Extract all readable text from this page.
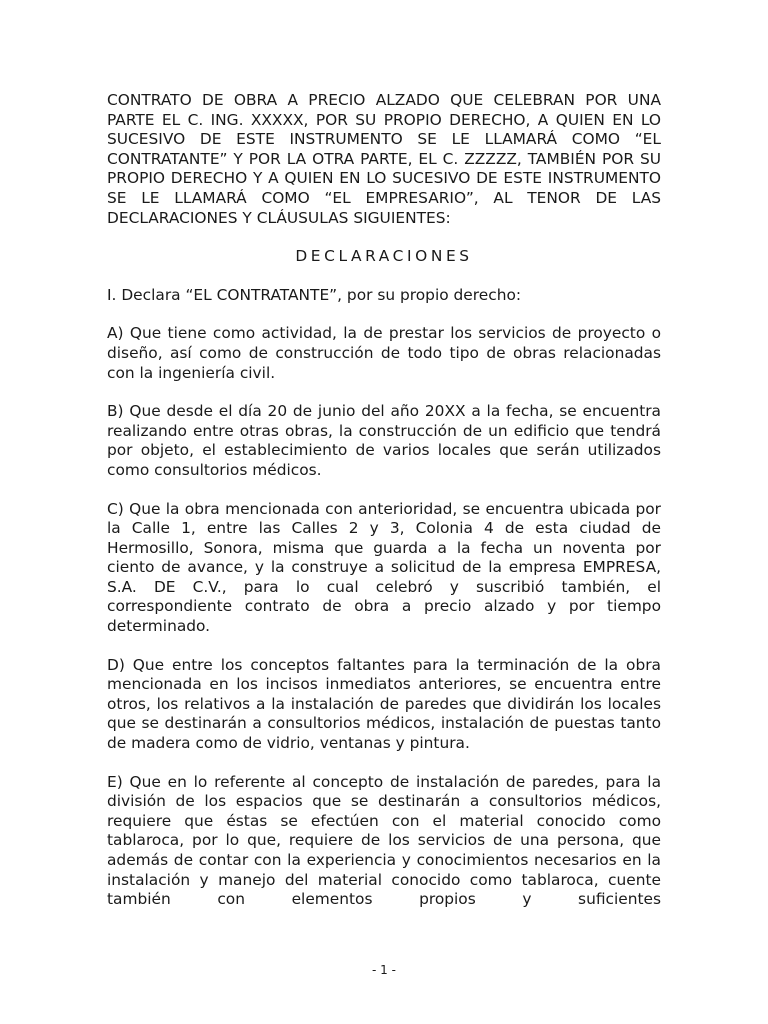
CONTRATO DE OBRA A PRECIO ALZADO QUE CELEBRAN POR UNA PARTE EL C. ING. XXXXX, POR SU PROPIO DERECHO, A QUIEN EN LO SUCESIVO DE ESTE INSTRUMENTO SE LE LLAMARÁ COMO “EL CONTRATANTE” Y POR LA OTRA PARTE, EL C. ZZZZZ, TAMBIÉN POR SU PROPIO DERECHO Y A QUIEN EN LO SUCESIVO DE ESTE INSTRUMENTO SE LE LLAMARÁ COMO “EL EMPRESARIO”, AL TENOR DE LAS DECLARACIONES Y CLÁUSULAS SIGUIENTES:

DECLARACIONES

I. Declara “EL CONTRATANTE”, por su propio derecho:

A) Que tiene como actividad, la de prestar los servicios de proyecto o diseño, así como de construcción de todo tipo de obras relacionadas con la ingeniería civil.

B) Que desde el día 20 de junio del año 20XX a la fecha, se encuentra realizando entre otras obras, la construcción de un edificio que tendrá por objeto, el establecimiento de varios locales que serán utilizados como consultorios médicos.

C) Que la obra mencionada con anterioridad, se encuentra ubicada por la Calle 1, entre las Calles 2 y 3, Colonia 4 de esta ciudad de Hermosillo, Sonora, misma que guarda a la fecha un noventa por ciento de avance, y la construye a solicitud de la empresa EMPRESA, S.A. DE C.V., para lo cual celebró y suscribió también, el correspondiente contrato de obra a precio alzado y por tiempo determinado.

D) Que entre los conceptos faltantes para la terminación de la obra mencionada en los incisos inmediatos anteriores, se encuentra entre otros, los relativos a la instalación de paredes que dividirán los locales que se destinarán a consultorios médicos, instalación de puestas tanto de madera como de vidrio, ventanas y pintura.

E) Que en lo referente al concepto de instalación de paredes, para la división de los espacios que se destinarán a consultorios médicos, requiere que éstas se efectúen con el material conocido como tablaroca, por lo que, requiere de los servicios de una persona, que además de contar con la experiencia y conocimientos necesarios en la instalación y manejo del material conocido como tablaroca, cuente también con elementos propios y suficientes

- 1 -
